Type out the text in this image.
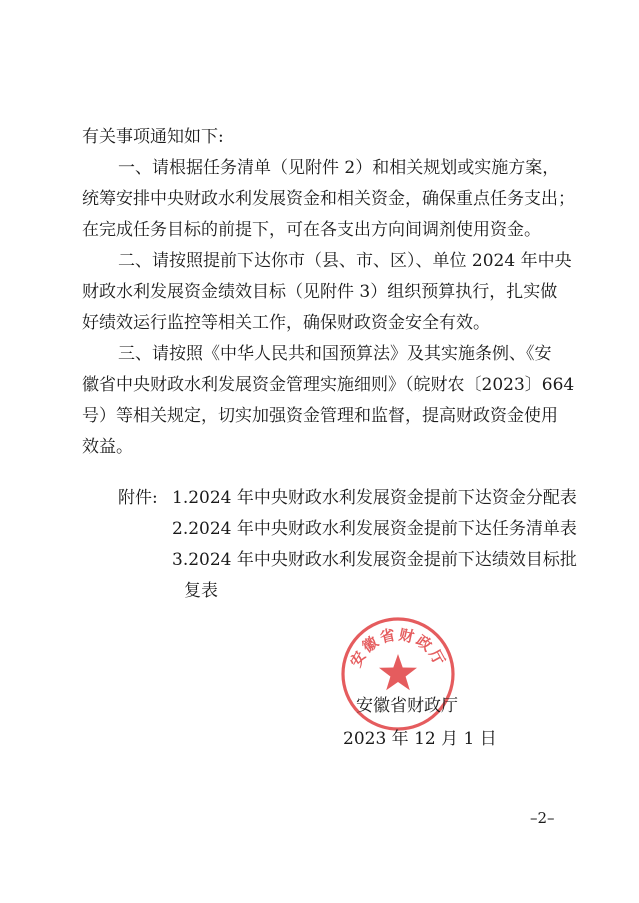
有关事项通知如下:

一、请根据任务清单（见附件 2）和相关规划或实施方案，

统筹安排中央财政水利发展资金和相关资金，确保重点任务支出；

在完成任务目标的前提下，可在各支出方向间调剂使用资金。

二、请按照提前下达你市（县、市、区）、单位 2024 年中央

财政水利发展资金绩效目标（见附件 3）组织预算执行，扎实做

好绩效运行监控等相关工作，确保财政资金安全有效。

三、请按照《中华人民共和国预算法》及其实施条例、《安

徽省中央财政水利发展资金管理实施细则》（皖财农〔2023〕664

号）等相关规定，切实加强资金管理和监督，提高财政资金使用

效益。

附件: 1.2024 年中央财政水利发展资金提前下达资金分配表

2.2024 年中央财政水利发展资金提前下达任务清单表

3.2024 年中央财政水利发展资金提前下达绩效目标批

复表

安徽省财政厅

安徽省财政厅

2023 年 12 月 1 日

–2–
